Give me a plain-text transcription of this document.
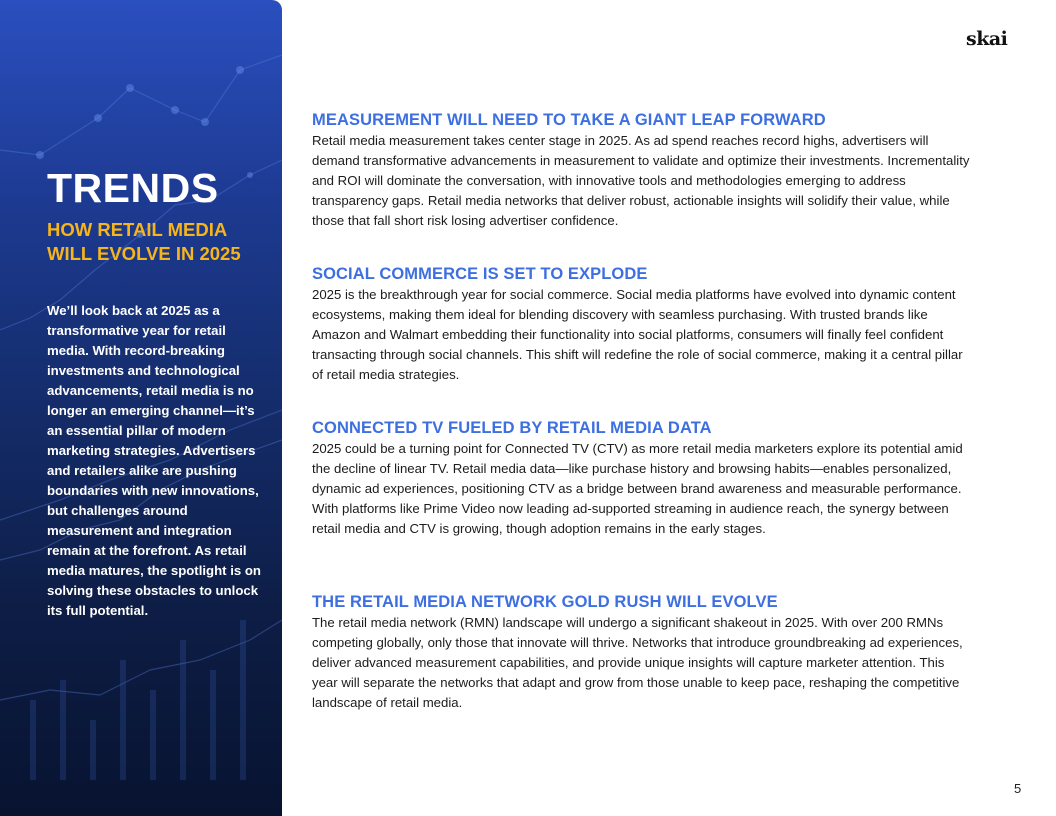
TRENDS
HOW RETAIL MEDIA WILL EVOLVE IN 2025
We’ll look back at 2025 as a transformative year for retail media. With record-breaking investments and technological advancements, retail media is no longer an emerging channel—it’s an essential pillar of modern marketing strategies. Advertisers and retailers alike are pushing boundaries with new innovations, but challenges around measurement and integration remain at the forefront. As retail media matures, the spotlight is on solving these obstacles to unlock its full potential.
skai
MEASUREMENT WILL NEED TO TAKE A GIANT LEAP FORWARD

Retail media measurement takes center stage in 2025. As ad spend reaches record highs, advertisers will demand transformative advancements in measurement to validate and optimize their investments. Incrementality and ROI will dominate the conversation, with innovative tools and methodologies emerging to address transparency gaps. Retail media networks that deliver robust, actionable insights will solidify their value, while those that fall short risk losing advertiser confidence.

SOCIAL COMMERCE IS SET TO EXPLODE

2025 is the breakthrough year for social commerce. Social media platforms have evolved into dynamic content ecosystems, making them ideal for blending discovery with seamless purchasing. With trusted brands like Amazon and Walmart embedding their functionality into social platforms, consumers will finally feel confident transacting through social channels. This shift will redefine the role of social commerce, making it a central pillar of retail media strategies.

CONNECTED TV FUELED BY RETAIL MEDIA DATA

2025 could be a turning point for Connected TV (CTV) as more retail media marketers explore its potential amid the decline of linear TV. Retail media data—like purchase history and browsing habits—enables personalized, dynamic ad experiences, positioning CTV as a bridge between brand awareness and measurable performance. With platforms like Prime Video now leading ad-supported streaming in audience reach, the synergy between retail media and CTV is growing, though adoption remains in the early stages.

THE RETAIL MEDIA NETWORK GOLD RUSH WILL EVOLVE

The retail media network (RMN) landscape will undergo a significant shakeout in 2025. With over 200 RMNs competing globally, only those that innovate will thrive. Networks that introduce groundbreaking ad experiences, deliver advanced measurement capabilities, and provide unique insights will capture marketer attention. This year will separate the networks that adapt and grow from those unable to keep pace, reshaping the competitive landscape of retail media.

5
